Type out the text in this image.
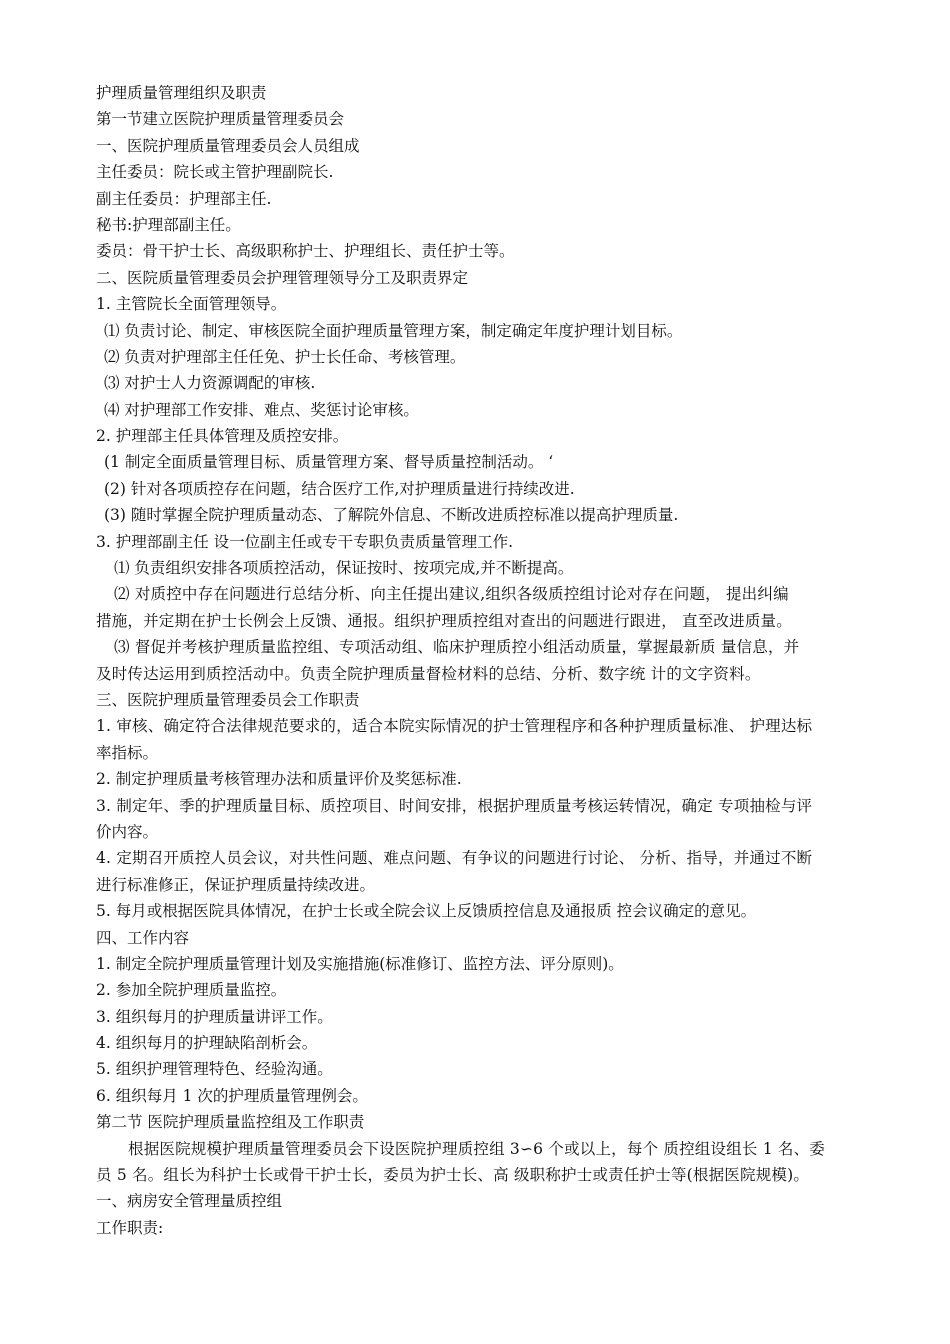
护理质量管理组织及职责
第一节建立医院护理质量管理委员会
一、医院护理质量管理委员会人员组成
主任委员：院长或主管护理副院长.
副主任委员：护理部主任.
秘书:护理部副主任。
委员：骨干护士长、高级职称护士、护理组长、责任护士等。
二、医院质量管理委员会护理管理领导分工及职责界定
1. 主管院长全面管理领导。
⑴ 负责讨论、制定、审核医院全面护理质量管理方案，制定确定年度护理计划目标。
⑵ 负责对护理部主任任免、护士长任命、考核管理。
⑶ 对护士人力资源调配的审核.
⑷ 对护理部工作安排、难点、奖惩讨论审核。
2. 护理部主任具体管理及质控安排。
(1 制定全面质量管理目标、质量管理方案、督导质量控制活动。 ‘
(2) 针对各项质控存在问题，结合医疗工作,对护理质量进行持续改进.
(3) 随时掌握全院护理质量动态、了解院外信息、不断改进质控标准以提高护理质量.
3. 护理部副主任 设一位副主任或专干专职负责质量管理工作.
⑴ 负责组织安排各项质控活动，保证按时、按项完成,并不断提高。
⑵ 对质控中存在问题进行总结分析、向主任提出建议,组织各级质控组讨论对存在问题， 提出纠编
措施，并定期在护士长例会上反馈、通报。组织护理质控组对查出的问题进行跟进， 直至改进质量。
⑶ 督促并考核护理质量监控组、专项活动组、临床护理质控小组活动质量，掌握最新质 量信息，并
及时传达运用到质控活动中。负责全院护理质量督检材料的总结、分析、数字统 计的文字资料。
三、医院护理质量管理委员会工作职责
1. 审核、确定符合法律规范要求的，适合本院实际情况的护士管理程序和各种护理质量标准、 护理达标
率指标。
2. 制定护理质量考核管理办法和质量评价及奖惩标准.
3. 制定年、季的护理质量目标、质控项目、时间安排，根据护理质量考核运转情况，确定 专项抽检与评
价内容。
4. 定期召开质控人员会议，对共性问题、难点问题、有争议的问题进行讨论、 分析、指导，并通过不断
进行标准修正，保证护理质量持续改进。
5. 每月或根据医院具体情况，在护士长或全院会议上反馈质控信息及通报质 控会议确定的意见。
四、工作内容
1. 制定全院护理质量管理计划及实施措施(标准修订、监控方法、评分原则)。
2. 参加全院护理质量监控。
3. 组织每月的护理质量讲评工作。
4. 组织每月的护理缺陷剖析会。
5. 组织护理管理特色、经验沟通。
6. 组织每月 1 次的护理质量管理例会。
第二节 医院护理质量监控组及工作职责
根据医院规模护理质量管理委员会下设医院护理质控组 3∽6 个或以上，每个 质控组设组长 1 名、委
员 5 名。组长为科护士长或骨干护士长，委员为护士长、高 级职称护士或责任护士等(根据医院规模)。
一、病房安全管理量质控组
工作职责:
